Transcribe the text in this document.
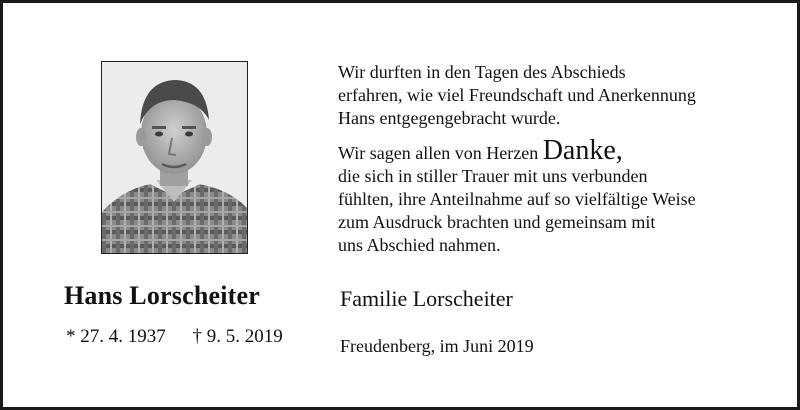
Hans Lorscheiter
* 27. 4. 1937 † 9. 5. 2019

Wir durften in den Tagen des Abschieds
erfahren, wie viel Freundschaft und Anerkennung
Hans entgegengebracht wurde.

Wir sagen allen von Herzen Danke,
die sich in stiller Trauer mit uns verbunden
fühlten, ihre Anteilnahme auf so vielfältige Weise
zum Ausdruck brachten und gemeinsam mit
uns Abschied nahmen.

Familie Lorscheiter
Freudenberg, im Juni 2019
